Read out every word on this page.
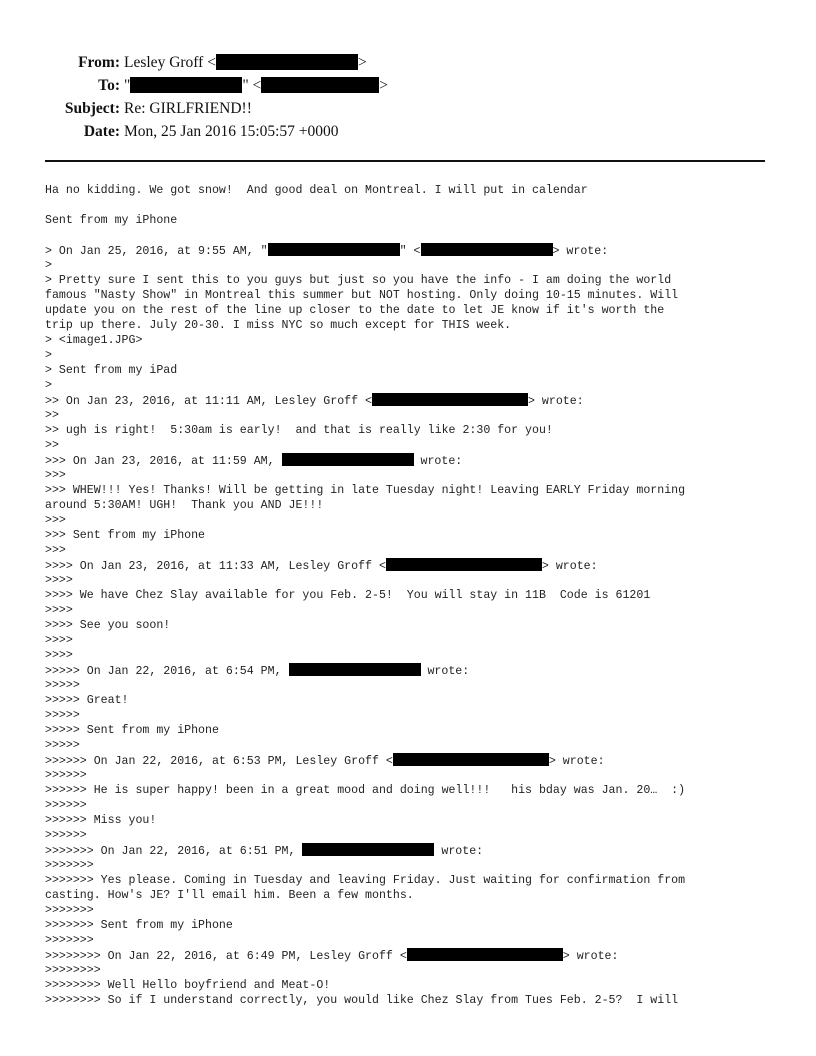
From: Lesley Groff <	>
To: "	" <	>
Subject: Re: GIRLFRIEND!!
Date: Mon, 25 Jan 2016 15:05:57 +0000
Ha no kidding. We got snow!  And good deal on Montreal. I will put in calendar

Sent from my iPhone

> On Jan 25, 2016, at 9:55 AM, "	" <	> wrote:
>
> Pretty sure I sent this to you guys but just so you have the info - I am doing the world
famous "Nasty Show" in Montreal this summer but NOT hosting. Only doing 10-15 minutes. Will
update you on the rest of the line up closer to the date to let JE know if it's worth the
trip up there. July 20-30. I miss NYC so much except for THIS week.
> <image1.JPG>
>
> Sent from my iPad
>
>> On Jan 23, 2016, at 11:11 AM, Lesley Groff <	> wrote:
>>
>> ugh is right!  5:30am is early!  and that is really like 2:30 for you!
>>
>>> On Jan 23, 2016, at 11:59 AM,	wrote:
>>>
>>> WHEW!!! Yes! Thanks! Will be getting in late Tuesday night! Leaving EARLY Friday morning
around 5:30AM! UGH!  Thank you AND JE!!!
>>>
>>> Sent from my iPhone
>>>
>>>> On Jan 23, 2016, at 11:33 AM, Lesley Groff <	> wrote:
>>>>
>>>> We have Chez Slay available for you Feb. 2-5!  You will stay in 11B  Code is 61201
>>>>
>>>> See you soon!
>>>>
>>>>
>>>>> On Jan 22, 2016, at 6:54 PM,	wrote:
>>>>>
>>>>> Great!
>>>>>
>>>>> Sent from my iPhone
>>>>>
>>>>>> On Jan 22, 2016, at 6:53 PM, Lesley Groff <	> wrote:
>>>>>>
>>>>>> He is super happy! been in a great mood and doing well!!!   his bday was Jan. 20…  :)
>>>>>>
>>>>>> Miss you!
>>>>>>
>>>>>>> On Jan 22, 2016, at 6:51 PM,	wrote:
>>>>>>>
>>>>>>> Yes please. Coming in Tuesday and leaving Friday. Just waiting for confirmation from
casting. How's JE? I'll email him. Been a few months.
>>>>>>>
>>>>>>> Sent from my iPhone
>>>>>>>
>>>>>>>> On Jan 22, 2016, at 6:49 PM, Lesley Groff <	> wrote:
>>>>>>>>
>>>>>>>> Well Hello boyfriend and Meat-O!
>>>>>>>> So if I understand correctly, you would like Chez Slay from Tues Feb. 2-5?  I will
